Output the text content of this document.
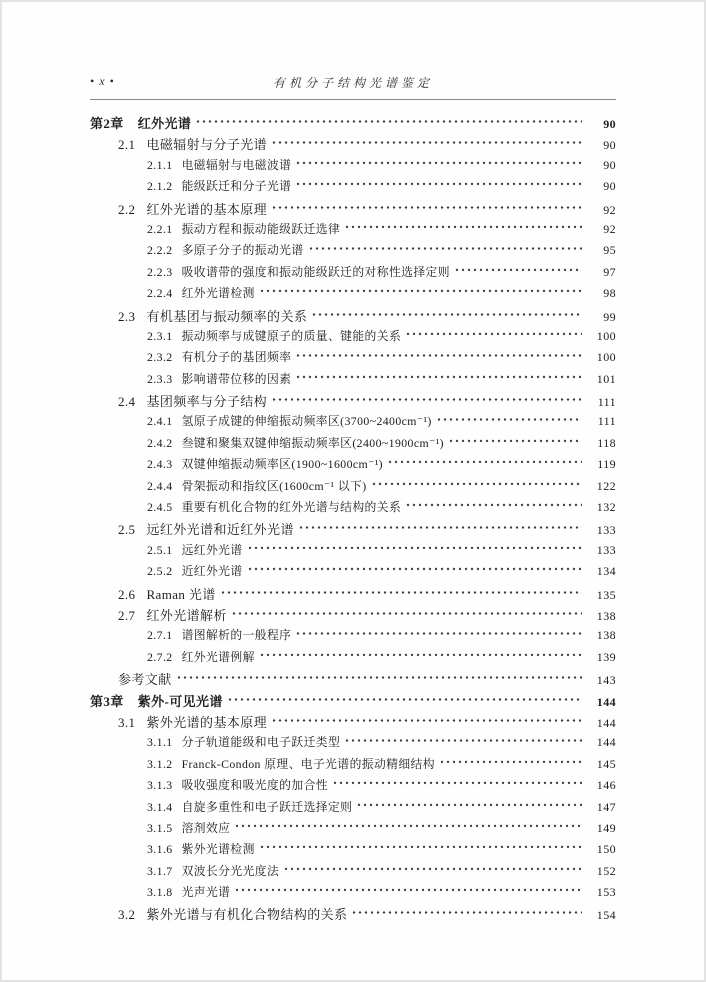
• x •	有机分子结构光谱鉴定
第2章 红外光谱	90
2.1 电磁辐射与分子光谱	90
2.1.1 电磁辐射与电磁波谱	90
2.1.2 能级跃迁和分子光谱	90
2.2 红外光谱的基本原理	92
2.2.1 振动方程和振动能级跃迁选律	92
2.2.2 多原子分子的振动光谱	95
2.2.3 吸收谱带的强度和振动能级跃迁的对称性选择定则	97
2.2.4 红外光谱检测	98
2.3 有机基团与振动频率的关系	99
2.3.1 振动频率与成键原子的质量、键能的关系	100
2.3.2 有机分子的基团频率	100
2.3.3 影响谱带位移的因素	101
2.4 基团频率与分子结构	111
2.4.1 氢原子成键的伸缩振动频率区(3700~2400cm⁻¹)	111
2.4.2 叁键和聚集双键伸缩振动频率区(2400~1900cm⁻¹)	118
2.4.3 双键伸缩振动频率区(1900~1600cm⁻¹)	119
2.4.4 骨架振动和指纹区(1600cm⁻¹ 以下)	122
2.4.5 重要有机化合物的红外光谱与结构的关系	132
2.5 远红外光谱和近红外光谱	133
2.5.1 远红外光谱	133
2.5.2 近红外光谱	134
2.6 Raman 光谱	135
2.7 红外光谱解析	138
2.7.1 谱图解析的一般程序	138
2.7.2 红外光谱例解	139
参考文献	143
第3章 紫外-可见光谱	144
3.1 紫外光谱的基本原理	144
3.1.1 分子轨道能级和电子跃迁类型	144
3.1.2 Franck-Condon 原理、电子光谱的振动精细结构	145
3.1.3 吸收强度和吸光度的加合性	146
3.1.4 自旋多重性和电子跃迁选择定则	147
3.1.5 溶剂效应	149
3.1.6 紫外光谱检测	150
3.1.7 双波长分光光度法	152
3.1.8 光声光谱	153
3.2 紫外光谱与有机化合物结构的关系	154
